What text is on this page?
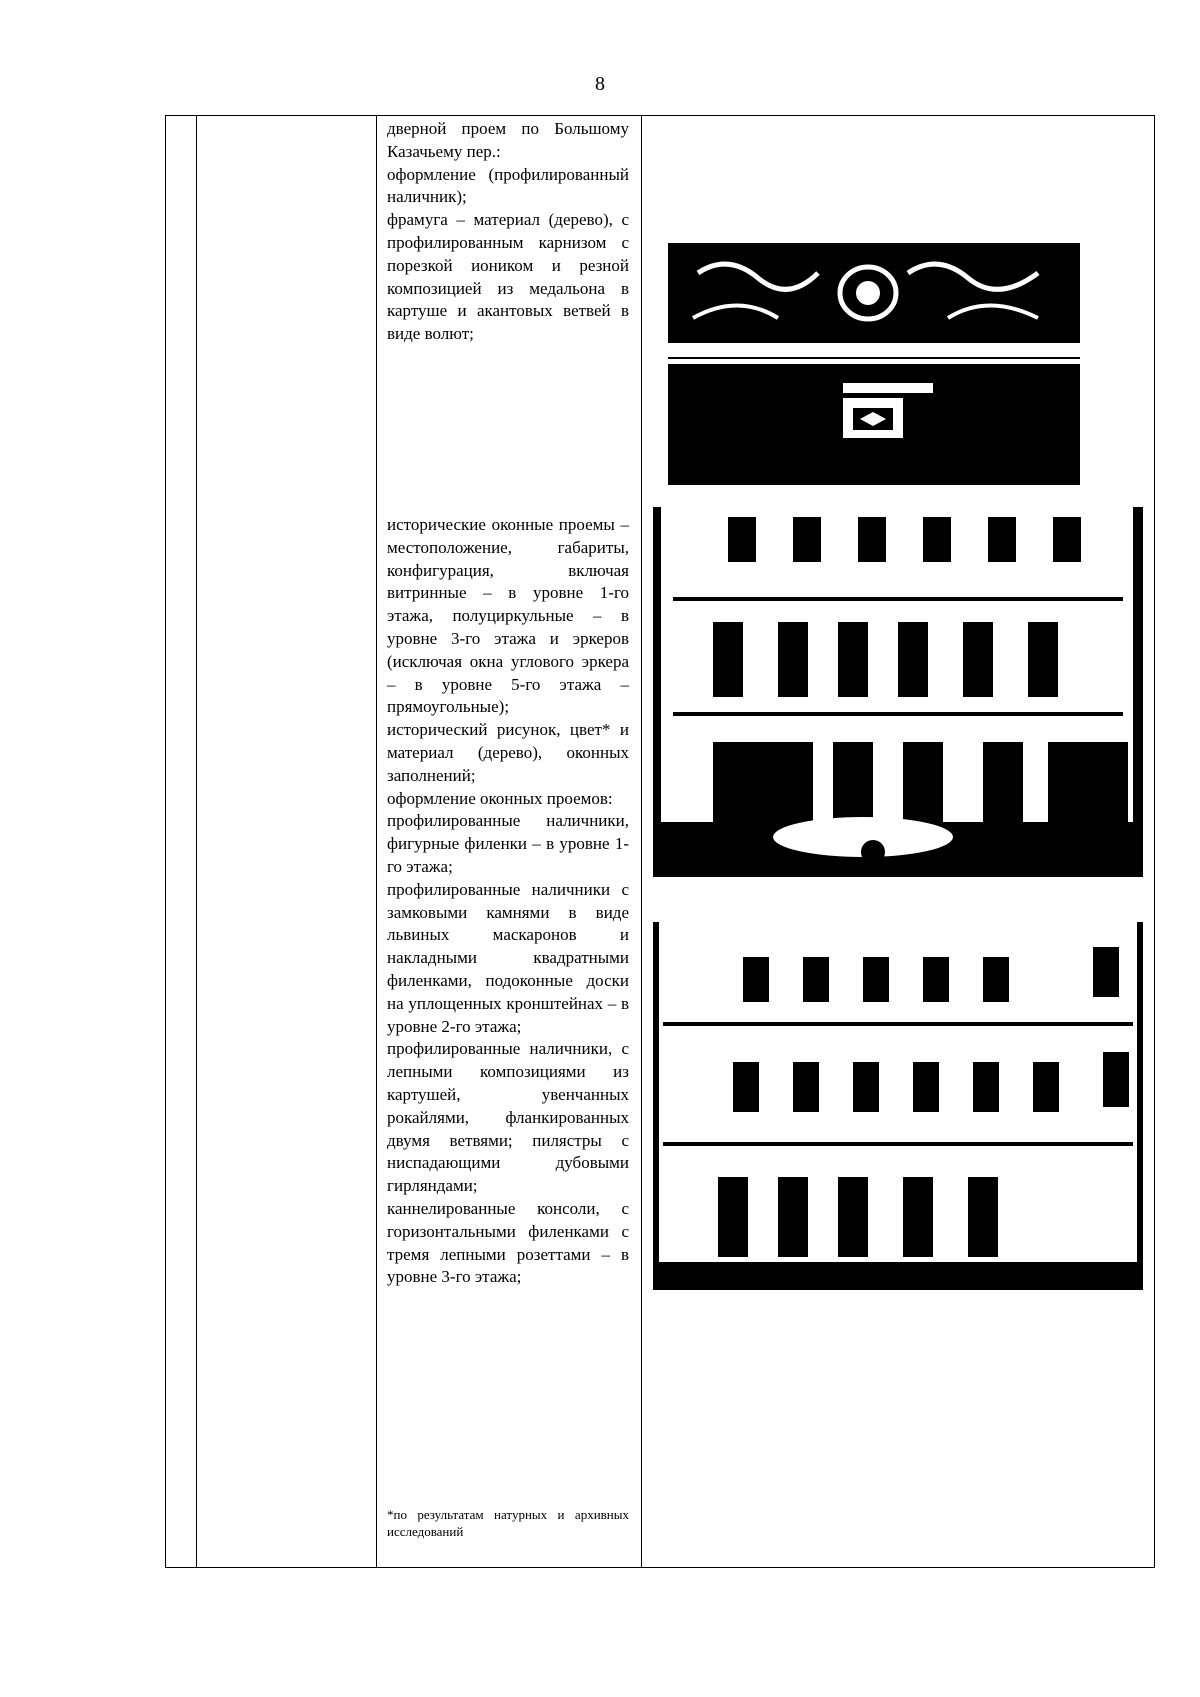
8

дверной проем по Большому Казачьему пер.:

оформление (профилированный наличник);

фрамуга – материал (дерево), с профилированным карнизом с порезкой иоником и резной композицией из медальона в картуше и акантовых ветвей в виде волют;

исторические оконные проемы – местоположение, габариты, конфигурация, включая витринные – в уровне 1-го этажа, полуциркульные – в уровне 3-го этажа и эркеров (исключая окна углового эркера – в уровне 5-го этажа – прямоугольные);

исторический рисунок, цвет* и материал (дерево), оконных заполнений;

оформление оконных проемов:

профилированные наличники, фигурные филенки – в уровне 1-го этажа;

профилированные наличники с замковыми камнями в виде львиных маскаронов и накладными квадратными филенками, подоконные доски на уплощенных кронштейнах – в уровне 2-го этажа;

профилированные наличники, с лепными композициями из картушей, увенчанных рокайлями, фланкированных двумя ветвями; пилястры с ниспадающими дубовыми гирляндами;

каннелированные консоли, с горизонтальными филенками с тремя лепными розеттами – в уровне 3-го этажа;

*по результатам натурных и архивных исследований
